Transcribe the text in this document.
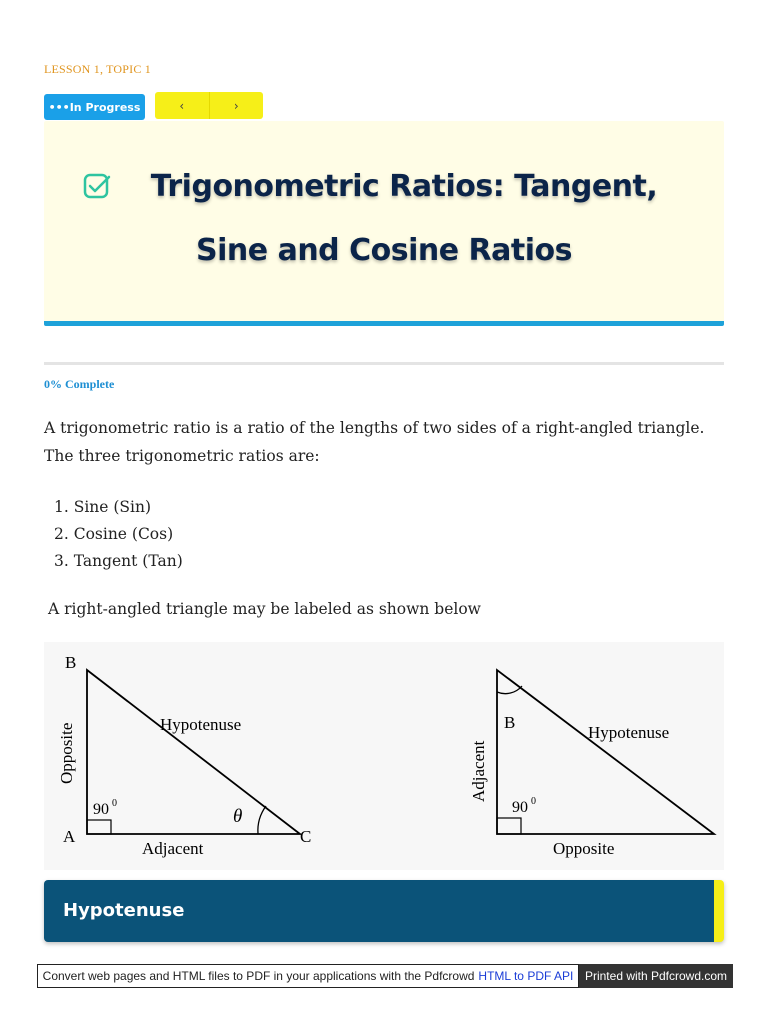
LESSON 1, TOPIC 1
•••In Progress	‹	›
Trigonometric Ratios: Tangent,
Sine and Cosine Ratios
0% Complete
A trigonometric ratio is a ratio of the lengths of two sides of a right-angled triangle.
The three trigonometric ratios are:
1. Sine (Sin)
2. Cosine (Cos)
3. Tangent (Tan)
A right-angled triangle may be labeled as shown below
B
A	C
Opposite	Hypotenuse
Adjacent
90 0
θ
B
Adjacent
Hypotenuse
Opposite
90 0
Hypotenuse
Convert web pages and HTML files to PDF in your applications with the Pdfcrowd HTML to PDF API Printed with Pdfcrowd.com
